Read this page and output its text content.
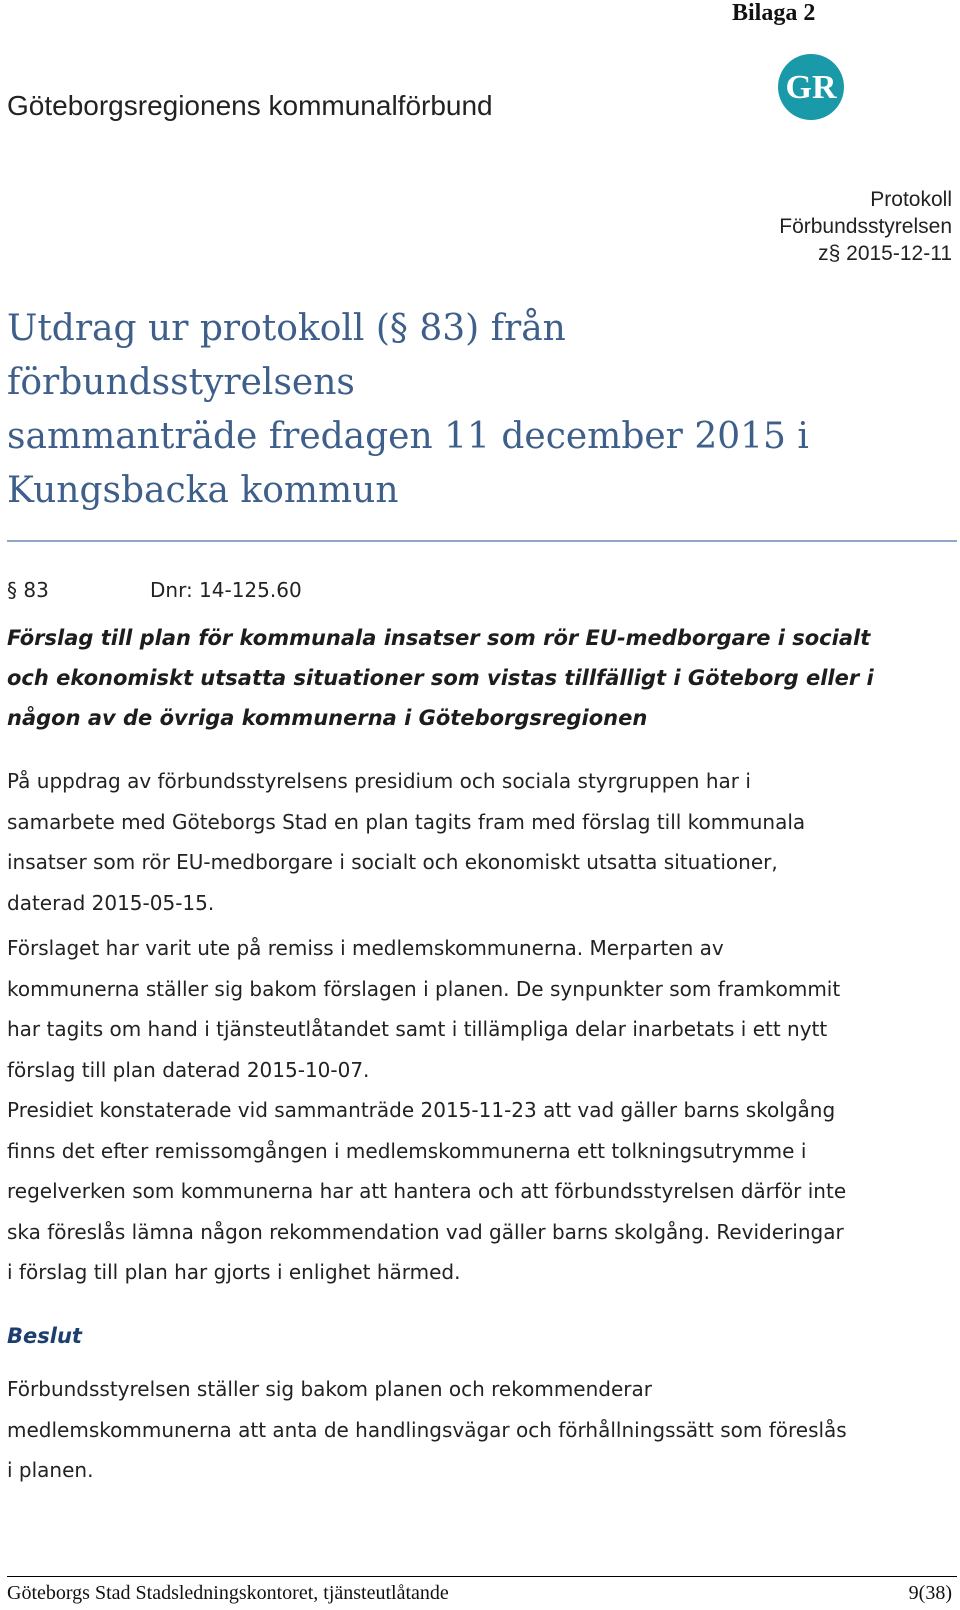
Bilaga 2
Göteborgsregionens kommunalförbund	GR
Protokoll
Förbundsstyrelsen
z§ 2015-12-11
Utdrag ur protokoll (§ 83) från förbundsstyrelsens
sammanträde fredagen 11 december 2015 i
Kungsbacka kommun
§ 83	Dnr: 14-125.60
Förslag till plan för kommunala insatser som rör EU-medborgare i socialt
och ekonomiskt utsatta situationer som vistas tillfälligt i Göteborg eller i
någon av de övriga kommunerna i Göteborgsregionen
På uppdrag av förbundsstyrelsens presidium och sociala styrgruppen har i
samarbete med Göteborgs Stad en plan tagits fram med förslag till kommunala
insatser som rör EU-medborgare i socialt och ekonomiskt utsatta situationer,
daterad 2015-05-15.
Förslaget har varit ute på remiss i medlemskommunerna. Merparten av
kommunerna ställer sig bakom förslagen i planen. De synpunkter som framkommit
har tagits om hand i tjänsteutlåtandet samt i tillämpliga delar inarbetats i ett nytt
förslag till plan daterad 2015-10-07.
Presidiet konstaterade vid sammanträde 2015-11-23 att vad gäller barns skolgång
finns det efter remissomgången i medlemskommunerna ett tolkningsutrymme i
regelverken som kommunerna har att hantera och att förbundsstyrelsen därför inte
ska föreslås lämna någon rekommendation vad gäller barns skolgång. Revideringar
i förslag till plan har gjorts i enlighet härmed.
Beslut
Förbundsstyrelsen ställer sig bakom planen och rekommenderar
medlemskommunerna att anta de handlingsvägar och förhållningssätt som föreslås
i planen.
Göteborgs Stad Stadsledningskontoret, tjänsteutlåtande	9(38)
